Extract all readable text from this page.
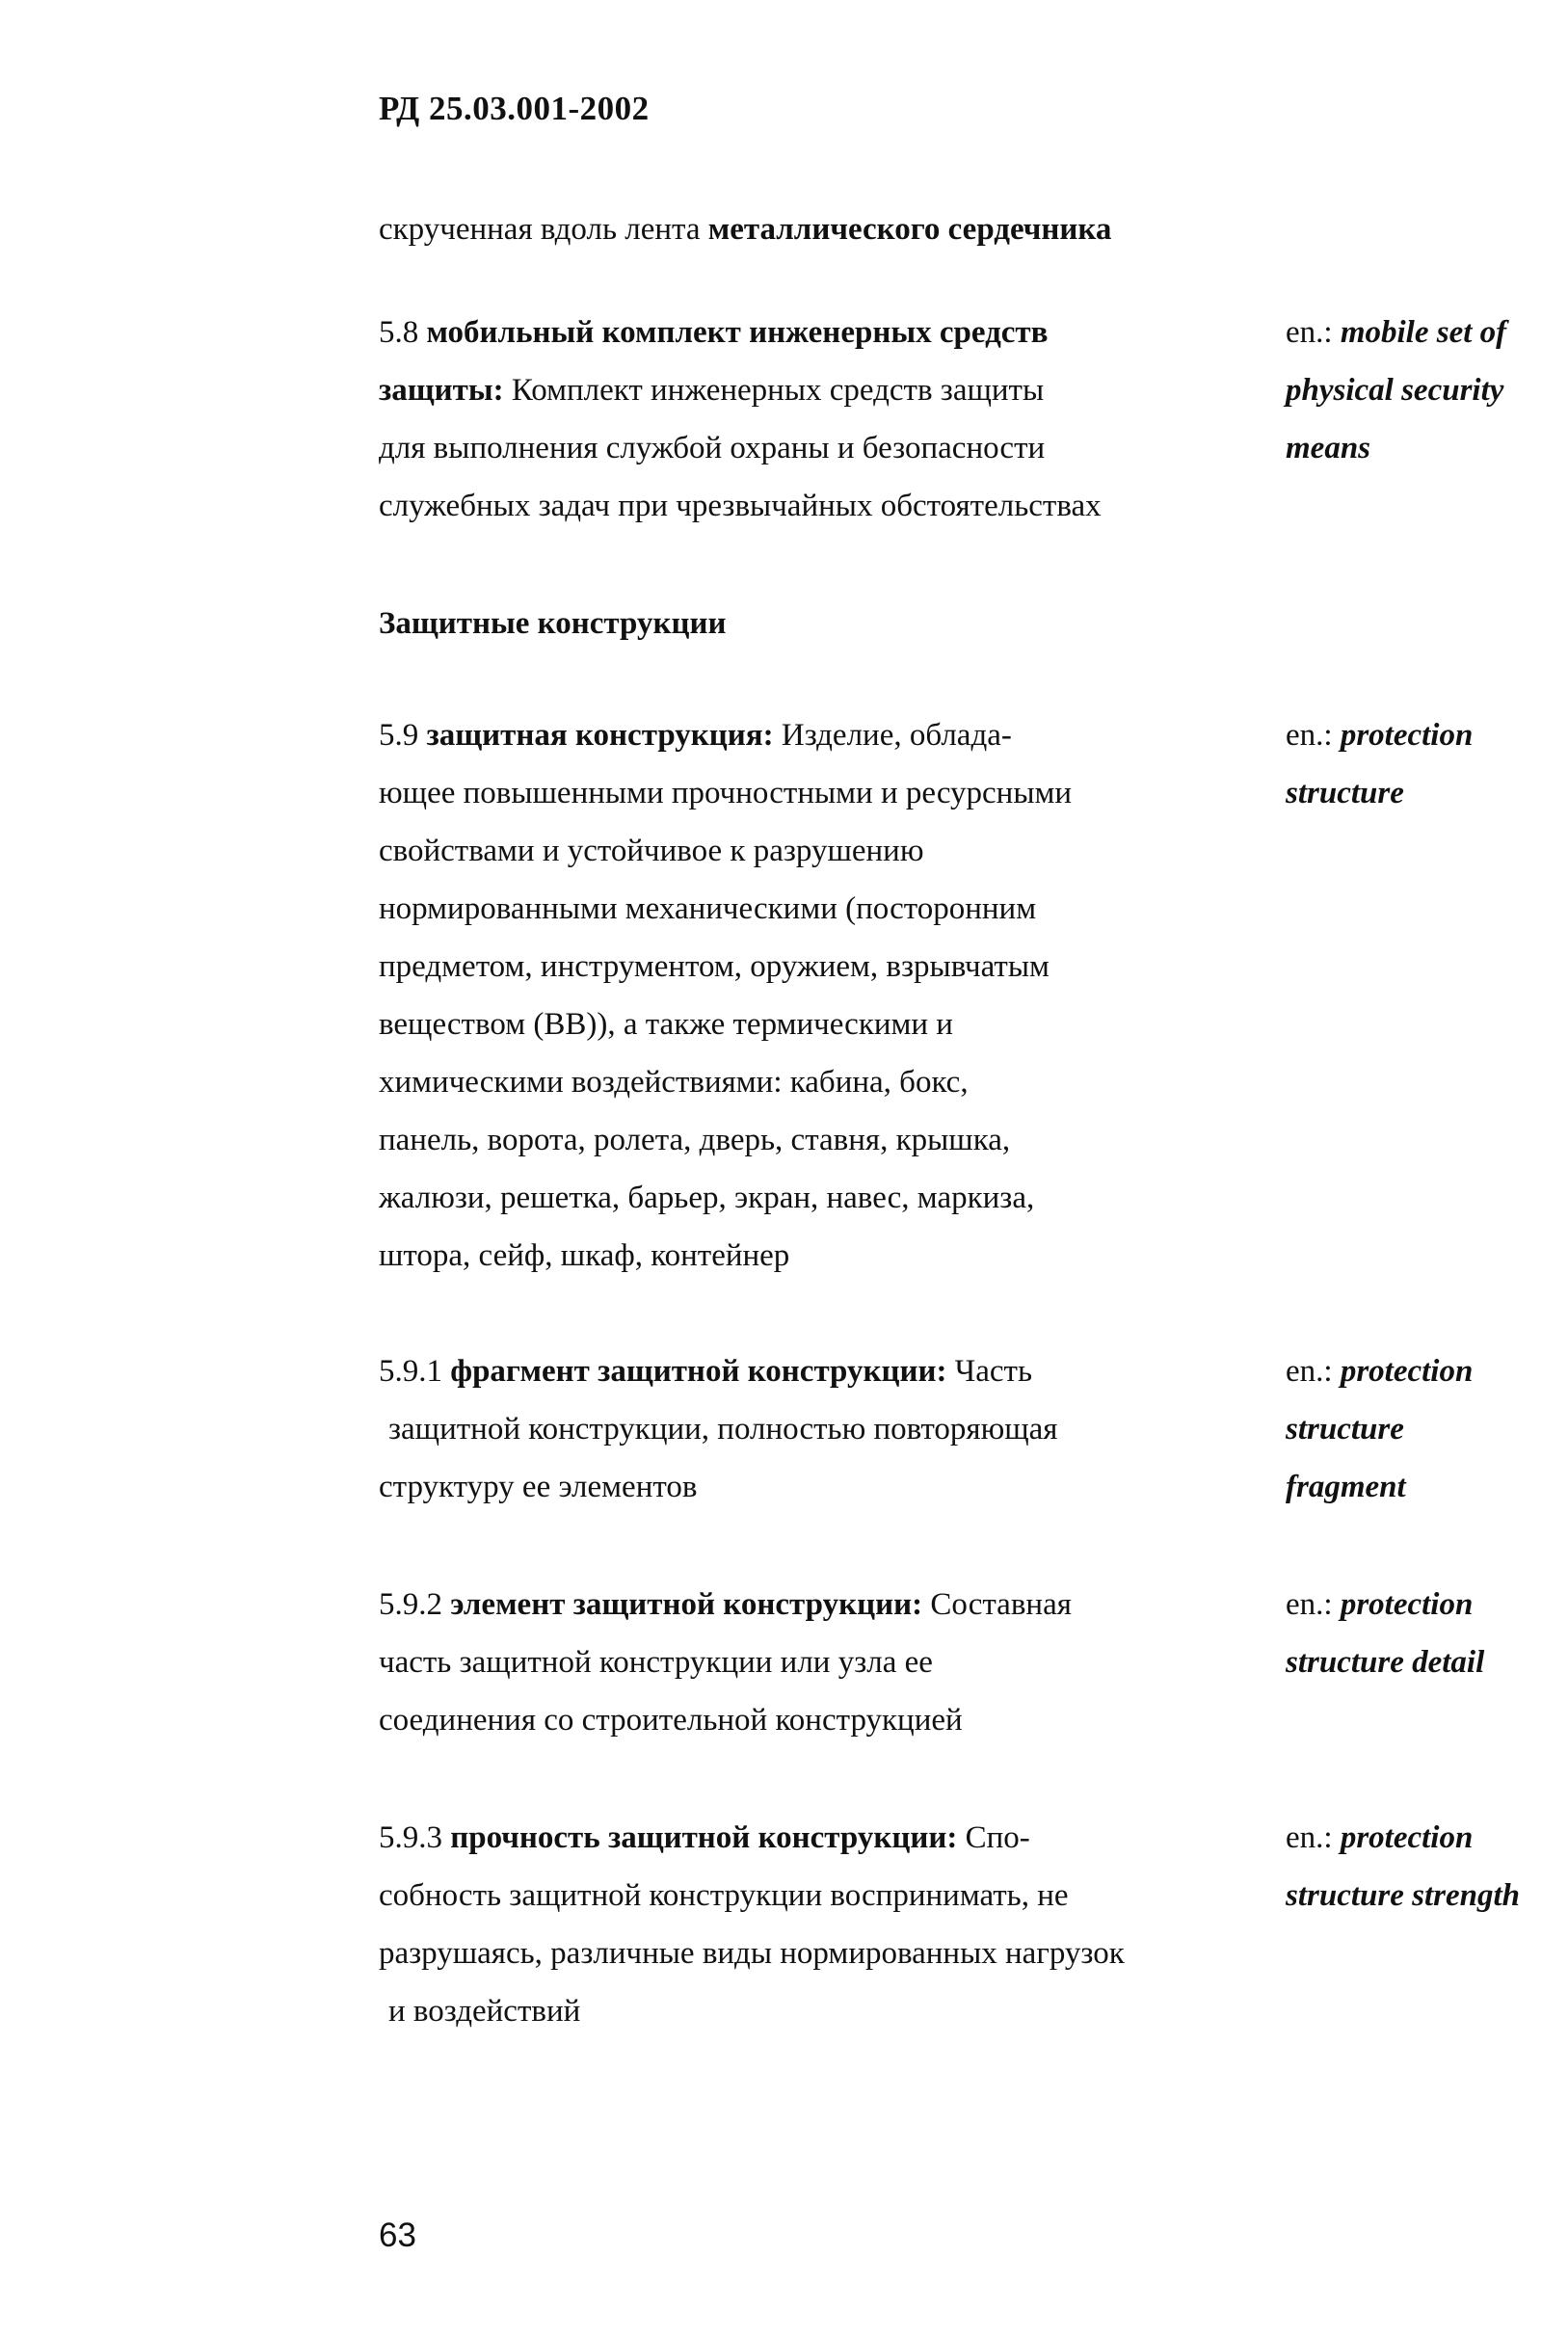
РД 25.03.001-2002
скрученная вдоль лента металлического сердечника
5.8 мобильный комплект инженерных средств
защиты: Комплект инженерных средств защиты
для выполнения службой охраны и безопасности
служебных задач при чрезвычайных обстоятельствах
en.: mobile set of
physical security
means
Защитные конструкции
5.9 защитная конструкция: Изделие, облада-
ющее повышенными прочностными и ресурсными
свойствами и устойчивое к разрушению
нормированными механическими (посторонним
предметом, инструментом, оружием, взрывчатым
веществом (ВВ)), а также термическими и
химическими воздействиями: кабина, бокс,
панель, ворота, ролета, дверь, ставня, крышка,
жалюзи, решетка, барьер, экран, навес, маркиза,
штора, сейф, шкаф, контейнер
en.: protection
structure
5.9.1 фрагмент защитной конструкции: Часть
защитной конструкции, полностью повторяющая
структуру ее элементов
en.: protection
structure
fragment
5.9.2 элемент защитной конструкции: Составная
часть защитной конструкции или узла ее
соединения со строительной конструкцией
en.: protection
structure detail
5.9.3 прочность защитной конструкции: Спо-
собность защитной конструкции воспринимать, не
разрушаясь, различные виды нормированных нагрузок
и воздействий
en.: protection
structure strength
63
